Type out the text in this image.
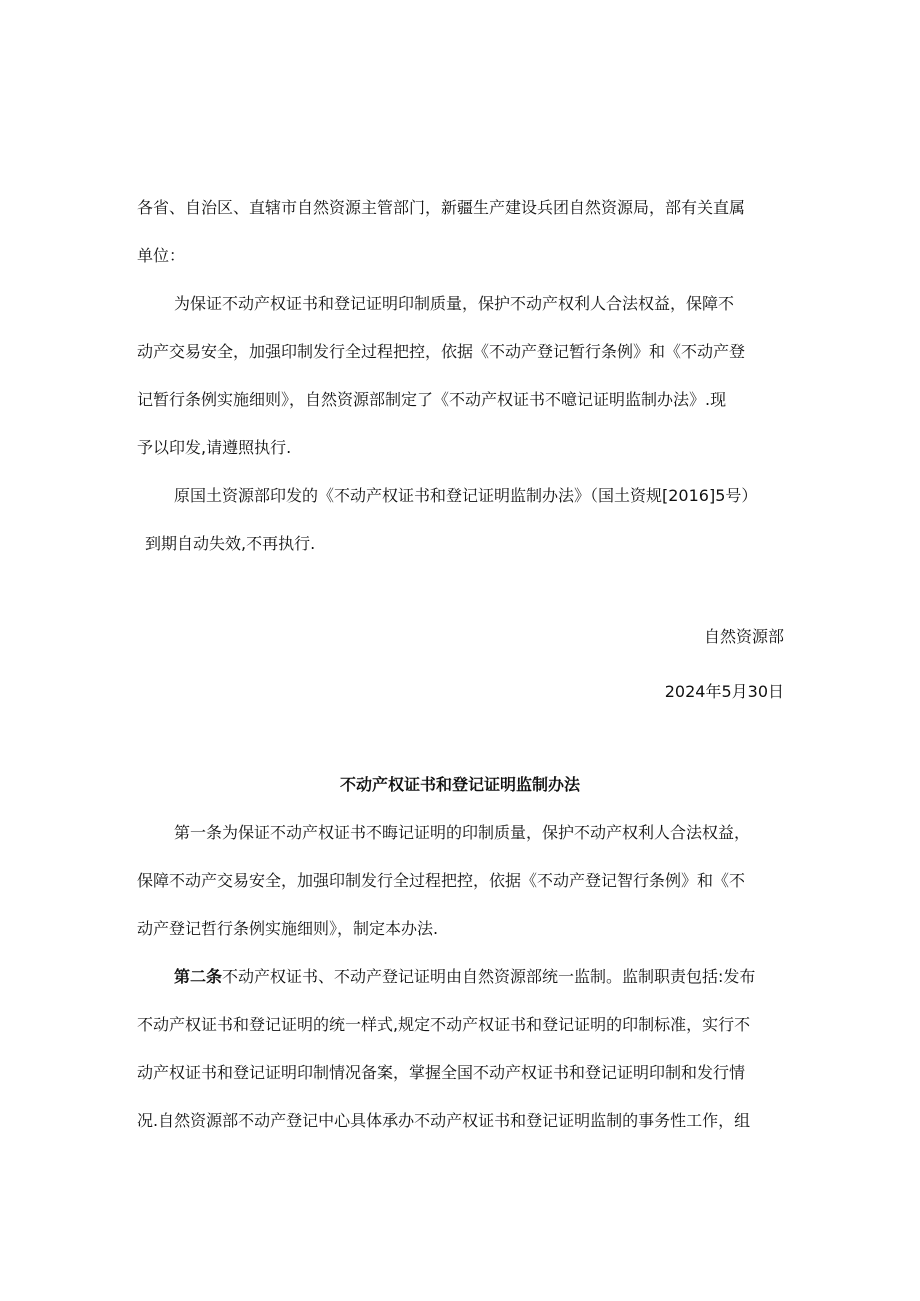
各省、自治区、直辖市自然资源主管部门，新疆生产建设兵团自然资源局，部有关直属
单位：
为保证不动产权证书和登记证明印制质量，保护不动产权利人合法权益，保障不
动产交易安全，加强印制发行全过程把控，依据《不动产登记暂行条例》和《不动产登
记暂行条例实施细则》，自然资源部制定了《不动产权证书不噫记证明监制办法》.现
予以印发,请遵照执行.
原国土资源部印发的《不动产权证书和登记证明监制办法》（国土资规[2016]5号）
到期自动失效,不再执行.
自然资源部
2024年5月30日
不动产权证书和登记证明监制办法
第一条为保证不动产权证书不晦记证明的印制质量，保护不动产权利人合法权益，
保障不动产交易安全，加强印制发行全过程把控，依据《不动产登记智行条例》和《不
动产登记哲行条例实施细则》，制定本办法.
第二条不动产权证书、不动产登记证明由自然资源部统一监制。监制职责包括:发布
不动产权证书和登记证明的统一样式,规定不动产权证书和登记证明的印制标准，实行不
动产权证书和登记证明印制情况备案，掌握全国不动产权证书和登记证明印制和发行情
况.自然资源部不动产登记中心具体承办不动产权证书和登记证明监制的事务性工作，组
